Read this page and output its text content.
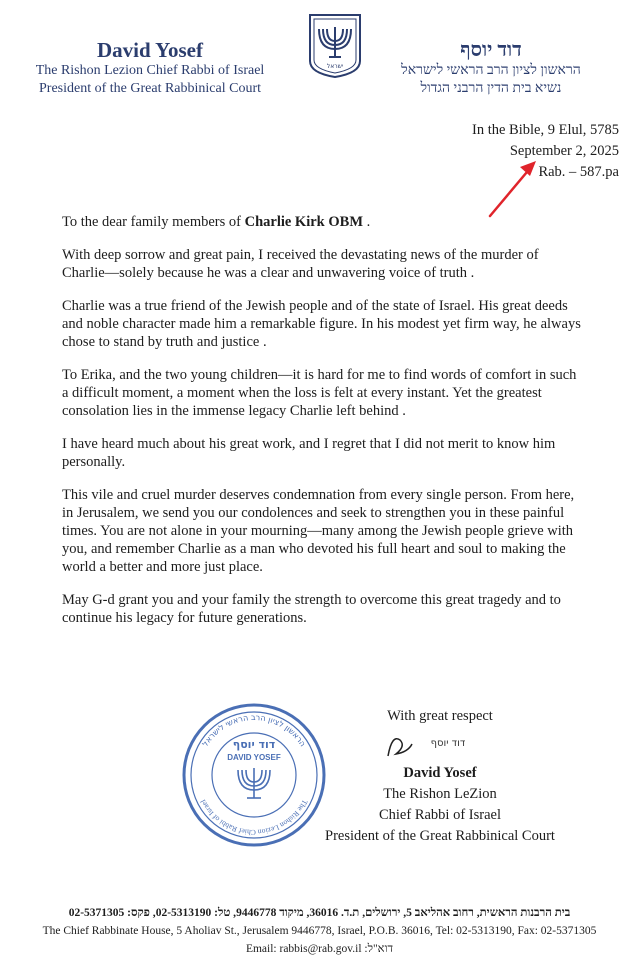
David Yosef
The Rishon Lezion Chief Rabbi of Israel
President of the Great Rabbinical Court
ישראל
דוד יוסף
הראשון לציון הרב הראשי לישראל
נשיא בית הדין הרבני הגדול
In the Bible, 9 Elul, 5785
September 2, 2025
Rab. – 587.pa

To the dear family members of Charlie Kirk OBM .

With deep sorrow and great pain, I received the devastating news of the murder of Charlie—solely because he was a clear and unwavering voice of truth .

Charlie was a true friend of the Jewish people and of the state of Israel. His great deeds and noble character made him a remarkable figure. In his modest yet firm way, he always chose to stand by truth and justice .

To Erika, and the two young children—it is hard for me to find words of comfort in such a difficult moment, a moment when the loss is felt at every instant. Yet the greatest consolation lies in the immense legacy Charlie left behind .

I have heard much about his great work, and I regret that I did not merit to know him personally.

This vile and cruel murder deserves condemnation from every single person. From here, in Jerusalem, we send you our condolences and seek to strengthen you in these painful times. You are not alone in your mourning—many among the Jewish people grieve with you, and remember Charlie as a man who devoted his full heart and soul to making the world a better and more just place.

May G-d grant you and your family the strength to overcome this great tragedy and to continue his legacy for future generations.

The Rishon Lezion Chief Rabbi of Israel
הראשון לציון הרב הראשי לישראל
דוד יוסף
DAVID YOSEF
דוד יוסף
With great respect
David Yosef
The Rishon LeZion
Chief Rabbi of Israel
President of the Great Rabbinical Court
בית הרבנות הראשית, רחוב אהליאב 5, ירושלים, ת.ד. 36016, מיקוד 9446778, טל: 02-5313190, פקס: 02-5371305
The Chief Rabbinate House, 5 Aholiav St., Jerusalem 9446778, Israel, P.O.B. 36016, Tel: 02-5313190, Fax: 02-5371305
Email: rabbis@rab.gov.il :דוא"ל
